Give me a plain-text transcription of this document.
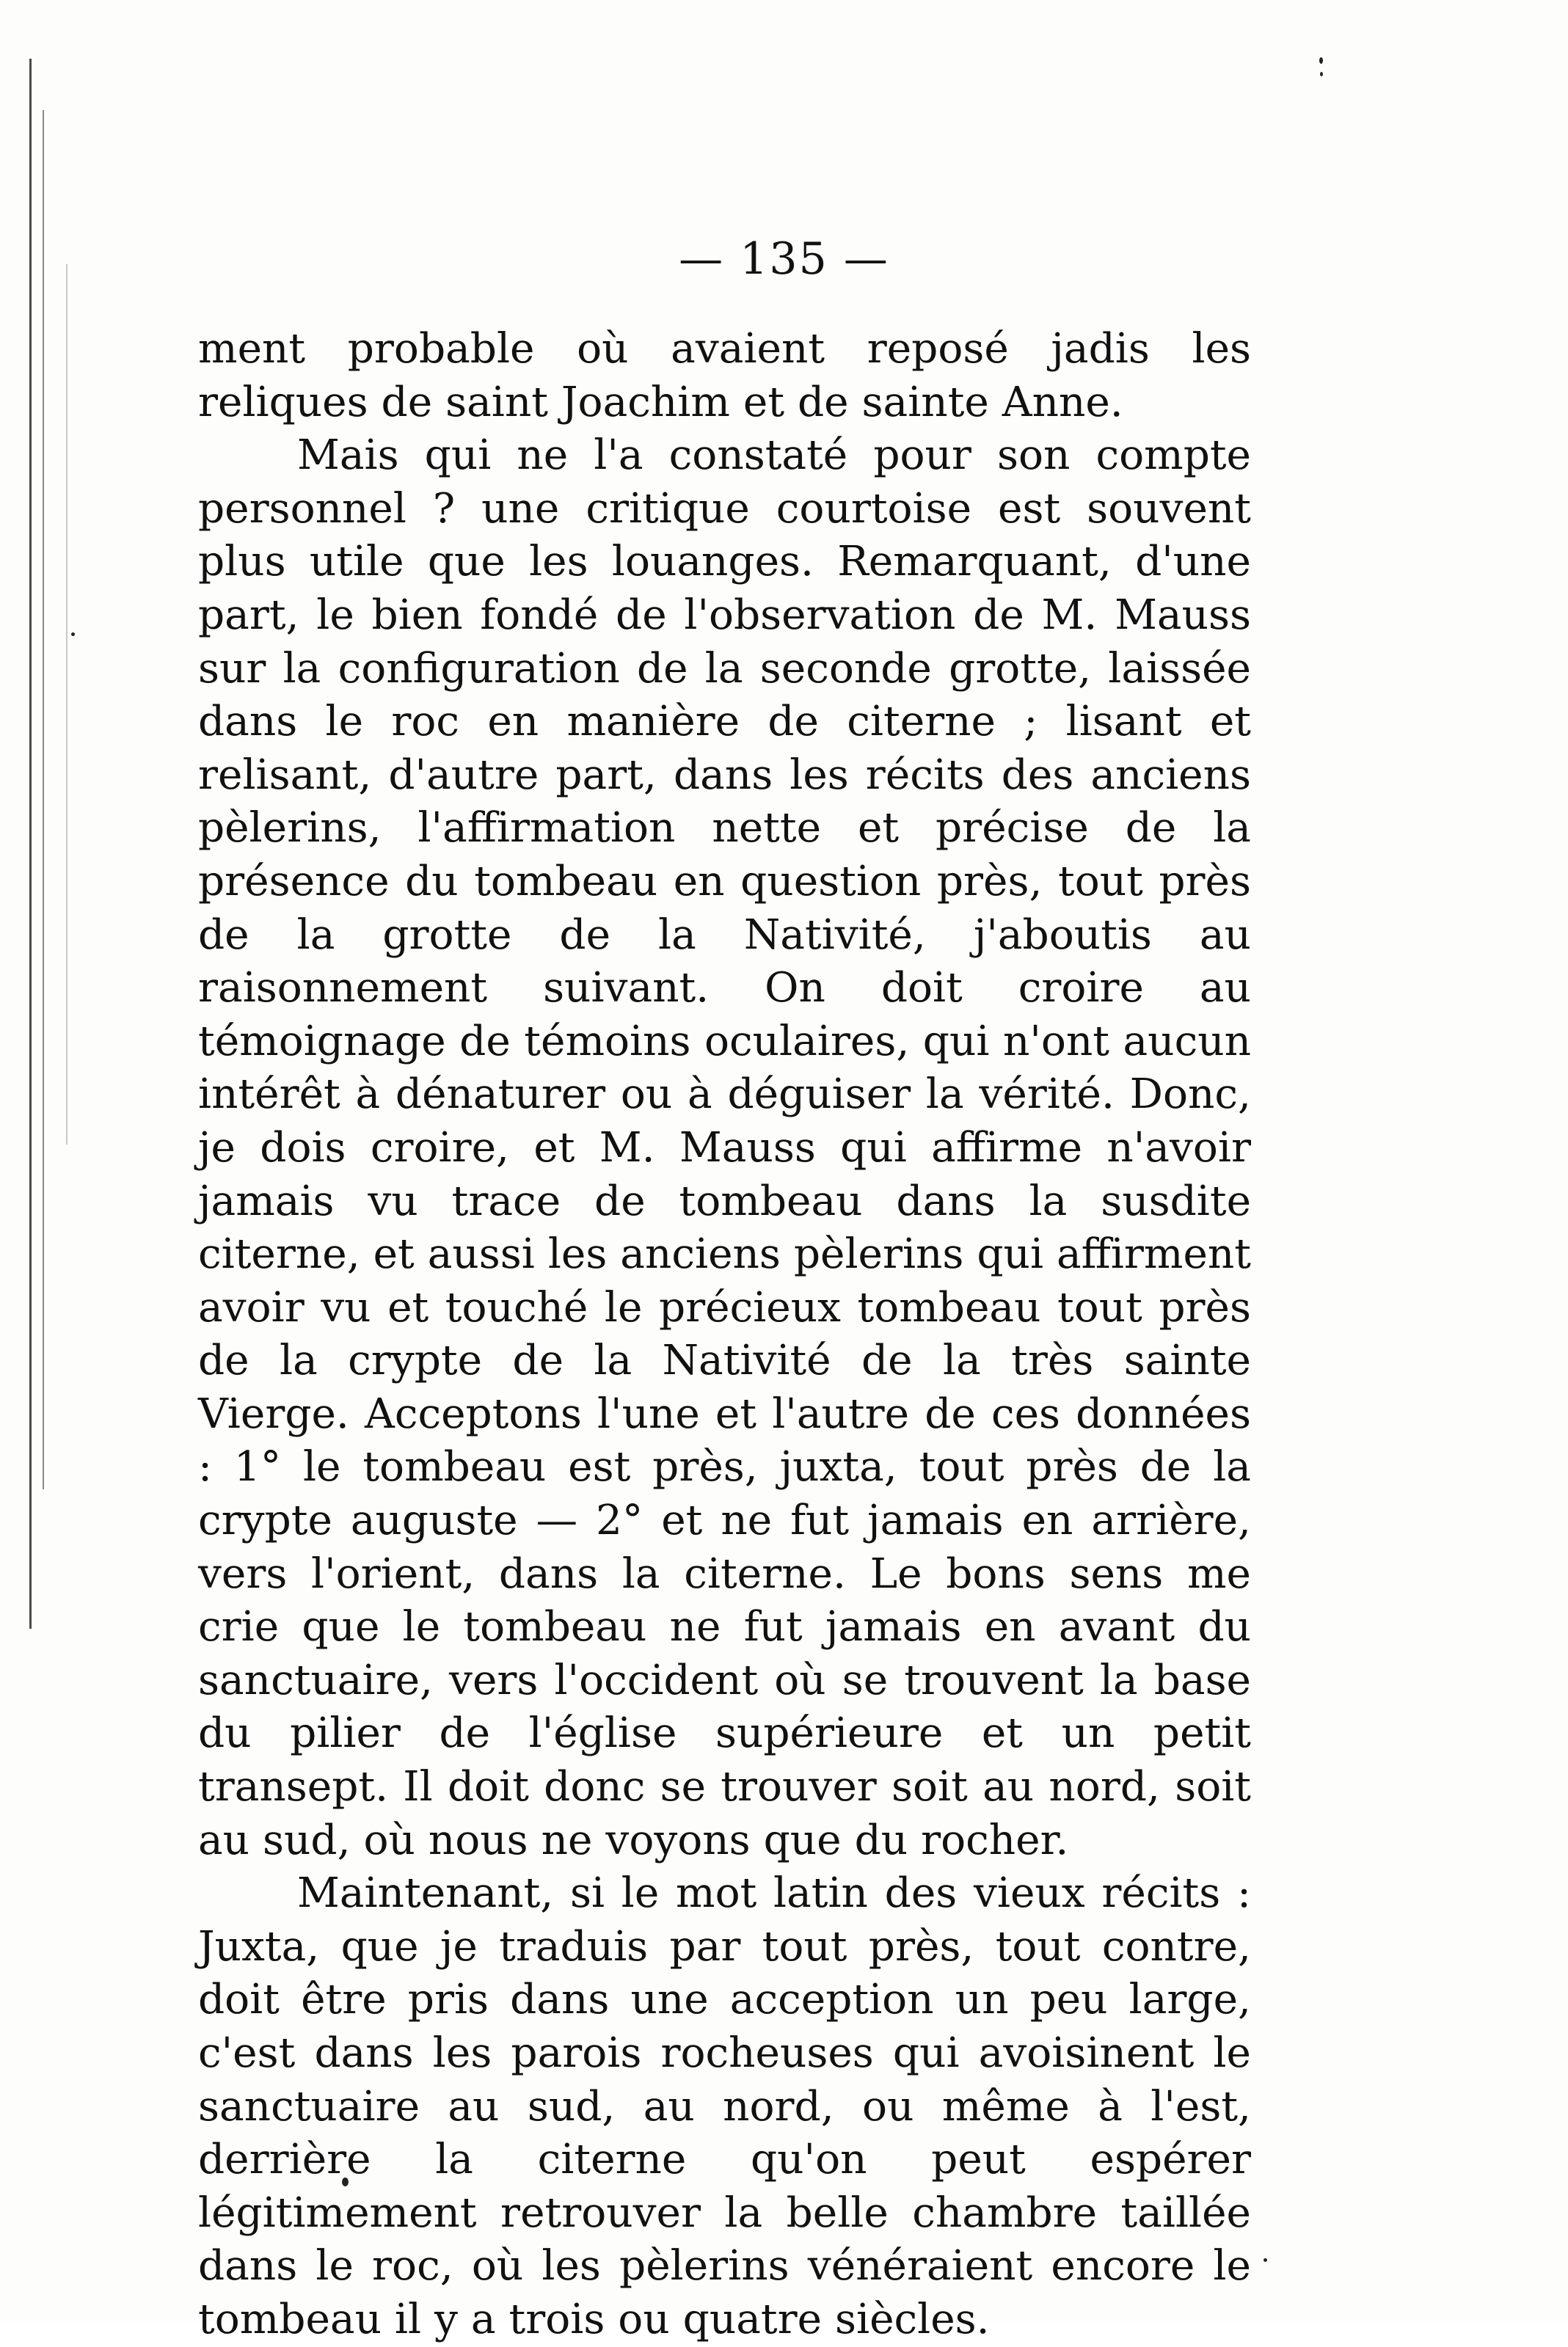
— 135 —

ment probable où avaient reposé jadis les reliques de saint Joachim et de sainte Anne.

Mais qui ne l'a constaté pour son compte personnel ? une critique courtoise est souvent plus utile que les louanges. Remarquant, d'une part, le bien fondé de l'observation de M. Mauss sur la configuration de la seconde grotte, laissée dans le roc en manière de citerne ; lisant et relisant, d'autre part, dans les récits des anciens pèlerins, l'affirmation nette et précise de la présence du tombeau en question près, tout près de la grotte de la Nativité, j'aboutis au raisonnement suivant. On doit croire au témoignage de témoins oculaires, qui n'ont aucun intérêt à dénaturer ou à déguiser la vérité. Donc, je dois croire, et M. Mauss qui affirme n'avoir jamais vu trace de tombeau dans la susdite citerne, et aussi les anciens pèlerins qui affirment avoir vu et touché le précieux tombeau tout près de la crypte de la Nativité de la très sainte Vierge. Acceptons l'une et l'autre de ces données : 1° le tombeau est près, juxta, tout près de la crypte auguste — 2° et ne fut jamais en arrière, vers l'orient, dans la citerne. Le bons sens me crie que le tombeau ne fut jamais en avant du sanctuaire, vers l'occident où se trouvent la base du pilier de l'église supérieure et un petit transept. Il doit donc se trouver soit au nord, soit au sud, où nous ne voyons que du rocher.

Maintenant, si le mot latin des vieux récits : Juxta, que je traduis par tout près, tout contre, doit être pris dans une acception un peu large, c'est dans les parois rocheuses qui avoisinent le sanctuaire au sud, au nord, ou même à l'est, derrière la citerne qu'on peut espérer légitimement retrouver la belle chambre taillée dans le roc, où les pèlerins vénéraient encore le tombeau il y a trois ou quatre siècles.
